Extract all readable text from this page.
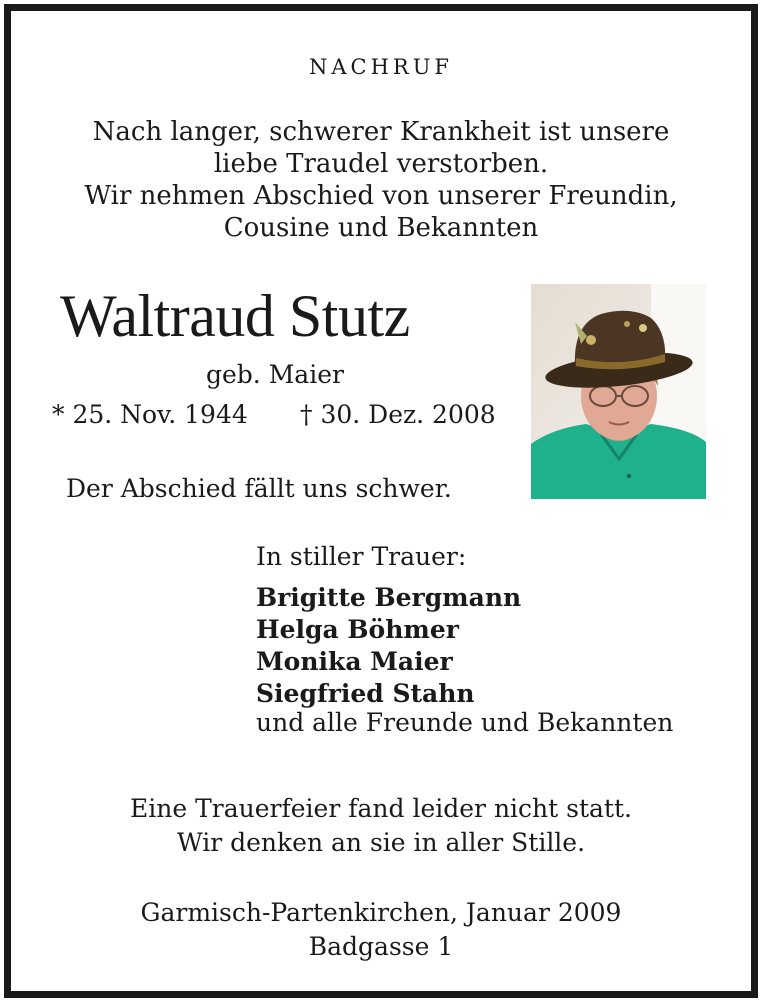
NACHRUF
Nach langer, schwerer Krankheit ist unsere
liebe Traudel verstorben.
Wir nehmen Abschied von unserer Freundin,
Cousine und Bekannten
Waltraud Stutz
geb. Maier
* 25. Nov. 1944 † 30. Dez. 2008
Der Abschied fällt uns schwer.
In stiller Trauer:
Brigitte Bergmann
Helga Böhmer
Monika Maier
Siegfried Stahn
und alle Freunde und Bekannten
Eine Trauerfeier fand leider nicht statt.
Wir denken an sie in aller Stille.
Garmisch-Partenkirchen, Januar 2009
Badgasse 1
